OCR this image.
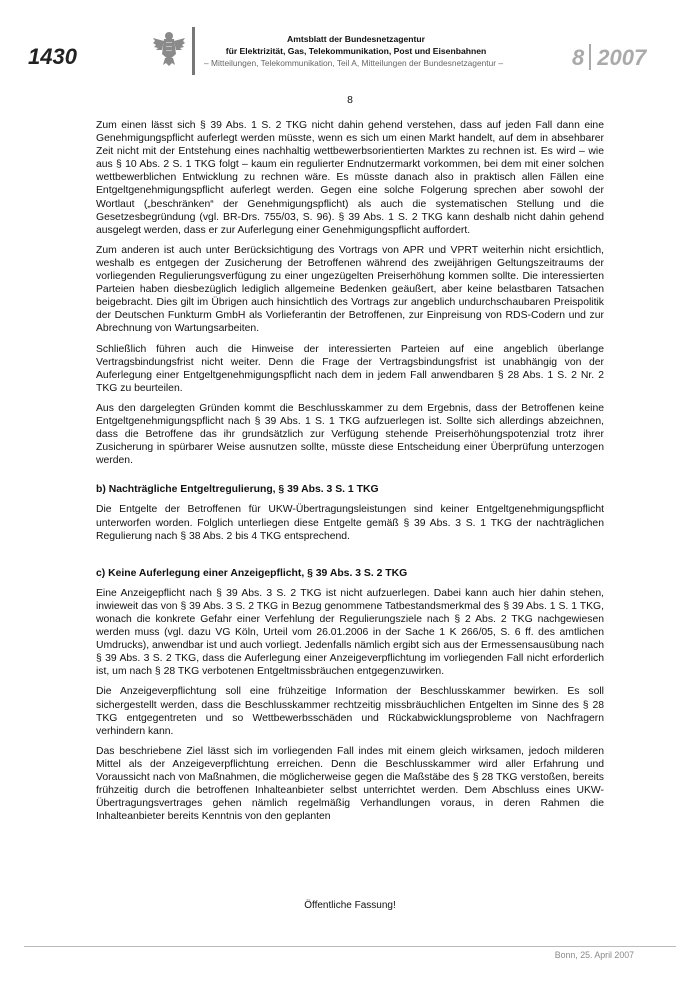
1430
Amtsblatt der Bundesnetzagentur
für Elektrizität, Gas, Telekommunikation, Post und Eisenbahnen
– Mitteilungen, Telekommunikation, Teil A, Mitteilungen der Bundesnetzagentur –	8 2007
8

Zum einen lässt sich § 39 Abs. 1 S. 2 TKG nicht dahin gehend verstehen, dass auf jeden Fall dann eine Genehmigungspflicht auferlegt werden müsste, wenn es sich um einen Markt handelt, auf dem in absehbarer Zeit nicht mit der Entstehung eines nachhaltig wettbewerbsorientierten Marktes zu rechnen ist. Es wird – wie aus § 10 Abs. 2 S. 1 TKG folgt – kaum ein regulierter Endnutzermarkt vorkommen, bei dem mit einer solchen wettbewerblichen Entwicklung zu rechnen wäre. Es müsste danach also in praktisch allen Fällen eine Entgeltgenehmigungspflicht auferlegt werden. Gegen eine solche Folgerung sprechen aber sowohl der Wortlaut („beschränken“ der Genehmigungspflicht) als auch die systematischen Stellung und die Gesetzesbegründung (vgl. BR-Drs. 755/03, S. 96). § 39 Abs. 1 S. 2 TKG kann deshalb nicht dahin gehend ausgelegt werden, dass er zur Auferlegung einer Genehmigungspflicht auffordert.

Zum anderen ist auch unter Berücksichtigung des Vortrags von APR und VPRT weiterhin nicht ersichtlich, weshalb es entgegen der Zusicherung der Betroffenen während des zweijährigen Geltungszeitraums der vorliegenden Regulierungsverfügung zu einer ungezügelten Preiserhöhung kommen sollte. Die interessierten Parteien haben diesbezüglich lediglich allgemeine Bedenken geäußert, aber keine belastbaren Tatsachen beigebracht. Dies gilt im Übrigen auch hinsichtlich des Vortrags zur angeblich undurchschaubaren Preispolitik der Deutschen Funkturm GmbH als Vorlieferantin der Betroffenen, zur Einpreisung von RDS-Codern und zur Abrechnung von Wartungsarbeiten.

Schließlich führen auch die Hinweise der interessierten Parteien auf eine angeblich überlange Vertragsbindungsfrist nicht weiter. Denn die Frage der Vertragsbindungsfrist ist unabhängig von der Auferlegung einer Entgeltgenehmigungspflicht nach dem in jedem Fall anwendbaren § 28 Abs. 1 S. 2 Nr. 2 TKG zu beurteilen.

Aus den dargelegten Gründen kommt die Beschlusskammer zu dem Ergebnis, dass der Betroffenen keine Entgeltgenehmigungspflicht nach § 39 Abs. 1 S. 1 TKG aufzuerlegen ist. Sollte sich allerdings abzeichnen, dass die Betroffene das ihr grundsätzlich zur Verfügung stehende Preiserhöhungspotenzial trotz ihrer Zusicherung in spürbarer Weise ausnutzen sollte, müsste diese Entscheidung einer Überprüfung unterzogen werden.

b) Nachträgliche Entgeltregulierung, § 39 Abs. 3 S. 1 TKG

Die Entgelte der Betroffenen für UKW-Übertragungsleistungen sind keiner Entgeltgenehmigungspflicht unterworfen worden. Folglich unterliegen diese Entgelte gemäß § 39 Abs. 3 S. 1 TKG der nachträglichen Regulierung nach § 38 Abs. 2 bis 4 TKG entsprechend.

c) Keine Auferlegung einer Anzeigepflicht, § 39 Abs. 3 S. 2 TKG

Eine Anzeigepflicht nach § 39 Abs. 3 S. 2 TKG ist nicht aufzuerlegen. Dabei kann auch hier dahin stehen, inwieweit das von § 39 Abs. 3 S. 2 TKG in Bezug genommene Tatbestandsmerkmal des § 39 Abs. 1 S. 1 TKG, wonach die konkrete Gefahr einer Verfehlung der Regulierungsziele nach § 2 Abs. 2 TKG nachgewiesen werden muss (vgl. dazu VG Köln, Urteil vom 26.01.2006 in der Sache 1 K 266/05, S. 6 ff. des amtlichen Umdrucks), anwendbar ist und auch vorliegt. Jedenfalls nämlich ergibt sich aus der Ermessensausübung nach § 39 Abs. 3 S. 2 TKG, dass die Auferlegung einer Anzeigeverpflichtung im vorliegenden Fall nicht erforderlich ist, um nach § 28 TKG verbotenen Entgeltmissbräuchen entgegenzuwirken.

Die Anzeigeverpflichtung soll eine frühzeitige Information der Beschlusskammer bewirken. Es soll sichergestellt werden, dass die Beschlusskammer rechtzeitig missbräuchlichen Entgelten im Sinne des § 28 TKG entgegentreten und so Wettbewerbsschäden und Rückabwicklungsprobleme von Nachfragern verhindern kann.

Das beschriebene Ziel lässt sich im vorliegenden Fall indes mit einem gleich wirksamen, jedoch milderen Mittel als der Anzeigeverpflichtung erreichen. Denn die Beschlusskammer wird aller Erfahrung und Voraussicht nach von Maßnahmen, die möglicherweise gegen die Maßstäbe des § 28 TKG verstoßen, bereits frühzeitig durch die betroffenen Inhalteanbieter selbst unterrichtet werden. Dem Abschluss eines UKW-Übertragungsvertrages gehen nämlich regelmäßig Verhandlungen voraus, in deren Rahmen die Inhalteanbieter bereits Kenntnis von den geplanten

Öffentliche Fassung!
Bonn, 25. April 2007
